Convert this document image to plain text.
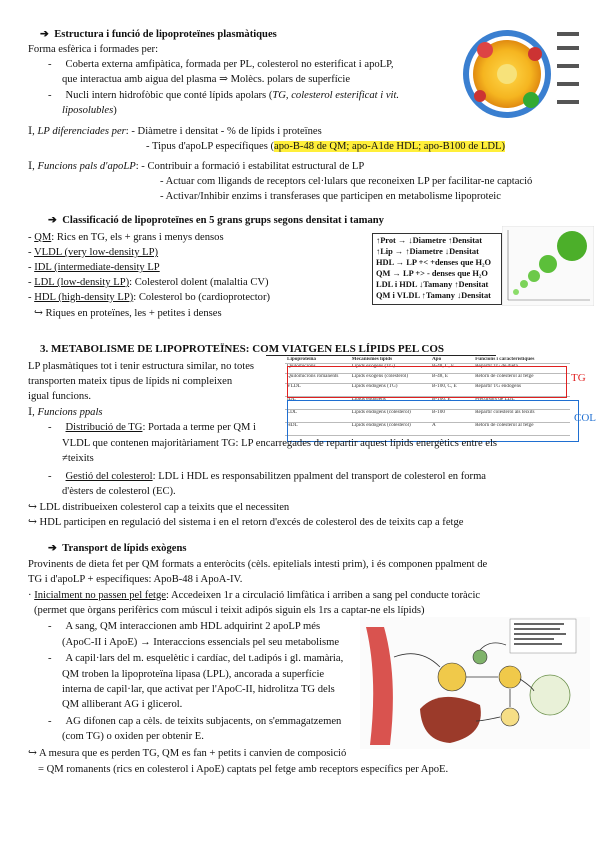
➔ Estructura i funció de lipoproteïnes plasmàtiques
Forma esfèrica i formades per:
- Coberta externa amfipàtica, formada per PL, colesterol no esterificat i apoLP,
que interactua amb aigua del plasma ⇒ Molècs. polars de superfície
- Nucli intern hidrofòbic que conté lípids apolars (TG, colesterol esterificat i vit.
liposolubles)
Ⅰ, LP diferenciades per: - Diàmetre i densitat - % de lípids i proteïnes
- Tipus d'apoLP específiques (apo-B-48 de QM; apo-A1de HDL; apo-B100 de LDL)
Ⅰ, Funcions pals d'apoLP: - Contribuir a formació i estabilitat estructural de LP
- Actuar com lligands de receptors cel·lulars que reconeixen LP per facilitar-ne captació
- Activar/Inhibir enzims i transferases que participen en metabolisme lipoproteic
➔ Classificació de lipoproteïnes en 5 grans grups segons densitat i tamany
- QM: Rics en TG, els + grans i menys densos
- VLDL (very low-density LP)
- IDL (intermediate-density LP
- LDL (low-density LP): Colesterol dolent (malaltia CV)
- HDL (high-density LP): Colesterol bo (cardioprotector)
↪ Riques en proteïnes, les + petites i denses
↑Prot → ↓Diametre ↑Densitat
↑Lip → ↑Diametre ↓Densitat
HDL → LP +< +denses que H₂O
QM → LP +> - denses que H₂O
LDL i HDL ↓Tamany ↑Densitat
QM i VLDL ↑Tamany ↓Densitat
3. METABOLISME DE LIPOPROTEÏNES: COM VIATGEN ELS LÍPIDS PEL COS
LP plasmàtiques tot i tenir estructura similar, no totes
transporten mateix tipus de lípids ni compleixen
igual funcions.
Lipoproteïna	Mecanismes lípids	Apo	Funcions i característiques
Quilomicrons	Lípids exògens (TG)	B-48, C, E	Repartir TG de dieta
Quilomicrons romanents	Lípids exògens (colesterol)	B-48, E	Retorn de colesterol al fetge
VLDL	Lípids endògens (TG)	B-100, C, E	Repartir TG endògens
IDL	Lípids endògens	B-100, E	Precursors de LDL
LDL	Lípids endògens (colesterol)	B-100	Repartir colesterol als teixits
HDL	Lípids endògens (colesterol)	A	Retorn de colesterol al fetge
TG
COL
Ⅰ, Funcions ppals
- Distribució de TG: Portada a terme per QM i
VLDL que contenen majoritàriament TG: LP encarregades de repartir aquest lípids energètics entre els
≠teixits
- Gestió del colesterol: LDL i HDL es responsabilitzen ppalment del transport de colesterol en forma
d'èsters de colesterol (EC).
↪ LDL distribueixen colesterol cap a teixits que el necessiten
↪ HDL participen en regulació del sistema i en el retorn d'excés de colesterol des de teixits cap a fetge
➔ Transport de lípids exògens
Provinents de dieta fet per QM formats a enteròcits (cèls. epitelials intesti prim), i és componen ppalment de
TG i d'apoLP + específiques: ApoB-48 i ApoA-IV.
· Inicialment no passen pel fetge: Accedeixen 1r a circulació limfàtica i arriben a sang pel conducte toràcic
(permet que òrgans perifèrics com múscul i teixit adipós siguin els 1rs a captar-ne els lípids)
- A sang, QM interaccionen amb HDL adquirint 2 apoLP més
(ApoC-II i ApoE) → Interaccions essencials pel seu metabolisme
- A capil·lars del m. esquelètic i cardíac, del t.adipós i gl. mamària,
QM troben la lipoproteïna lipasa (LPL), ancorada a superfície
interna de capil·lar, que activat per l'ApoC-II, hidrolitza TG dels
QM alliberant AG i glicerol.
- AG difonen cap a cèls. de teixits subjacents, on s'emmagatzemen
(com TG) o oxiden per obtenir E.
↪ A mesura que es perden TG, QM es fan + petits i canvien de composició
= QM romanents (rics en colesterol i ApoE) captats pel fetge amb receptors específics per ApoE.
